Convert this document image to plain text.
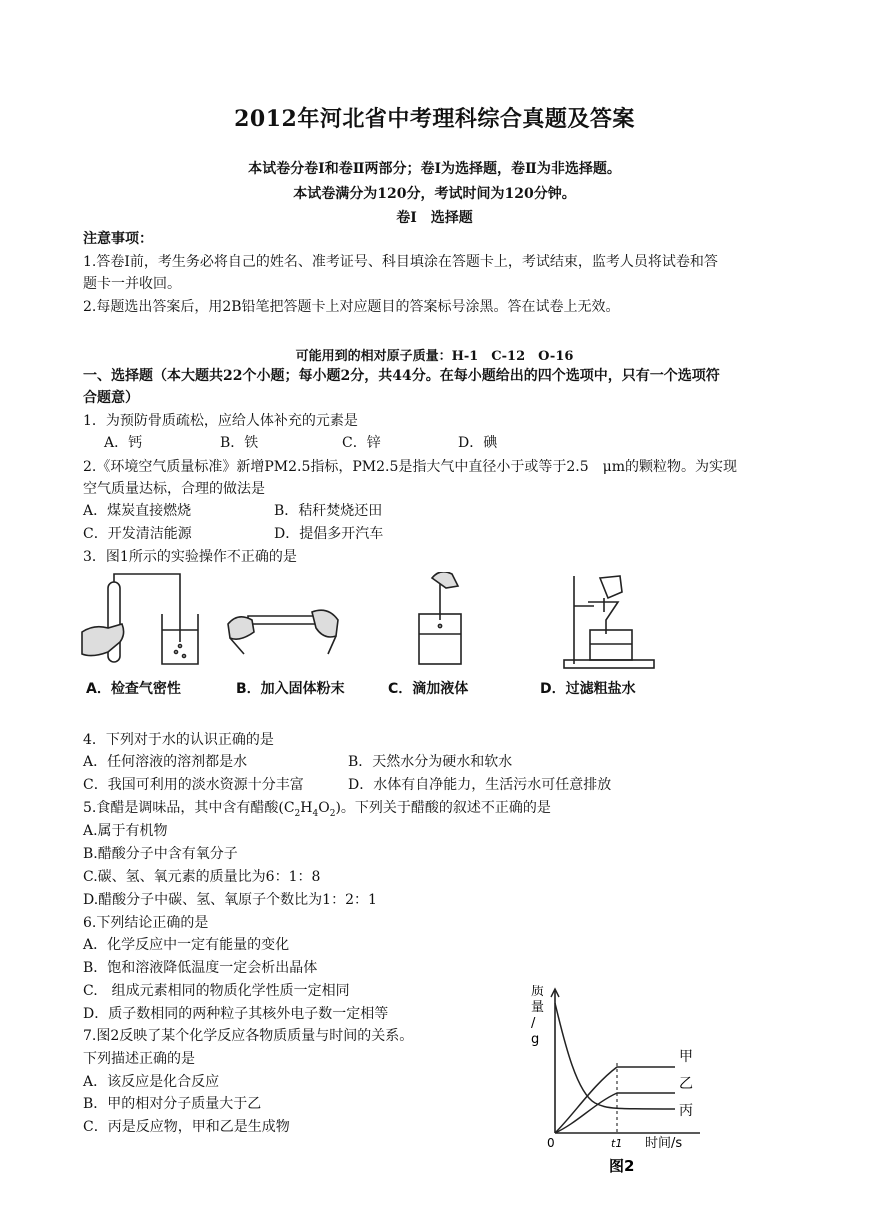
2012年河北省中考理科综合真题及答案
本试卷分卷Ⅰ和卷Ⅱ两部分；卷Ⅰ为选择题，卷Ⅱ为非选择题。
本试卷满分为120分，考试时间为120分钟。
卷Ⅰ　选择题
注意事项：
1.答卷Ⅰ前，考生务必将自己的姓名、准考证号、科目填涂在答题卡上，考试结束，监考人员将试卷和答
题卡一并收回。
2.每题选出答案后，用2B铅笔把答题卡上对应题目的答案标号涂黑。答在试卷上无效。
可能用到的相对原子质量：H-1　C-12　O-16
一、选择题（本大题共22个小题；每小题2分，共44分。在每小题给出的四个选项中，只有一个选项符
合题意）
1．为预防骨质疏松，应给人体补充的元素是
A．钙	B．铁	C．锌	D．碘
2.《环境空气质量标准》新增PM2.5指标，PM2.5是指大气中直径小于或等于2.5　μm的颗粒物。为实现
空气质量达标，合理的做法是
A．煤炭直接燃烧	B．秸秆焚烧还田
C．开发清洁能源	D．提倡多开汽车
3．图1所示的实验操作不正确的是
A．检查气密性	B．加入固体粉末	C．滴加液体	D．过滤粗盐水
4．下列对于水的认识正确的是
A．任何溶液的溶剂都是水	B．天然水分为硬水和软水
C．我国可利用的淡水资源十分丰富	D．水体有自净能力，生活污水可任意排放
5.食醋是调味品，其中含有醋酸$(C_2H_4O_2)$。下列关于醋酸的叙述不正确的是
A.属于有机物
B.醋酸分子中含有氧分子
C.碳、氢、氧元素的质量比为6：1：8
D.醋酸分子中碳、氢、氧原子个数比为1：2：1
6.下列结论正确的是
A．化学反应中一定有能量的变化
B．饱和溶液降低温度一定会析出晶体
C.　组成元素相同的物质化学性质一定相同
D．质子数相同的两种粒子其核外电子数一定相等
7.图2反映了某个化学反应各物质质量与时间的关系。
下列描述正确的是
A．该反应是化合反应
B．甲的相对分子质量大于乙
C．丙是反应物，甲和乙是生成物
质
量
/
g
甲
乙
丙
0	t1 时间/s
图2
